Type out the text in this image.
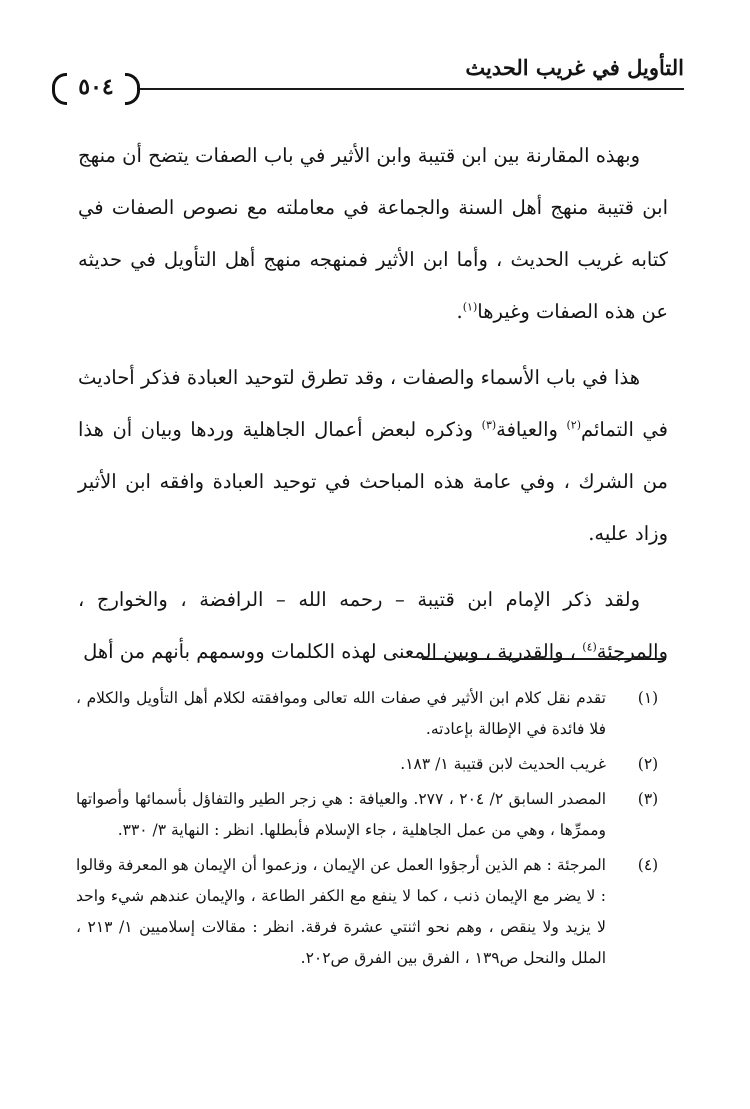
التأويل في غريب الحديث
٥٠٤

وبهذه المقارنة بين ابن قتيبة وابن الأثير في باب الصفات يتضح أن منهج ابن قتيبة منهج أهل السنة والجماعة في معاملته مع نصوص الصفات في كتابه غريب الحديث ، وأما ابن الأثير فمنهجه منهج أهل التأويل في حديثه عن هذه الصفات وغيرها$^{(١)}$.

هذا في باب الأسماء والصفات ، وقد تطرق لتوحيد العبادة فذكر أحاديث في التمائم$^{(٢)}$ والعيافة$^{(٣)}$ وذكره لبعض أعمال الجاهلية وردها وبيان أن هذا من الشرك ، وفي عامة هذه المباحث في توحيد العبادة وافقه ابن الأثير وزاد عليه.

ولقد ذكر الإمام ابن قتيبة – رحمه الله – الرافضة ، والخوارج ، والمرجئة$^{(٤)}$ ، والقدرية ، وبين المعنى لهذه الكلمات ووسمهم بأنهم من أهل

(١)
تقدم نقل كلام ابن الأثير في صفات الله تعالى وموافقته لكلام أهل التأويل والكلام ، فلا فائدة في الإطالة بإعادته.
(٢)
غريب الحديث لابن قتيبة ١/ ١٨٣.
(٣)
المصدر السابق ٢/ ٢٠٤ ، ٢٧٧. والعيافة : هي زجر الطير والتفاؤل بأسمائها وأصواتها وممرِّها ، وهي من عمل الجاهلية ، جاء الإسلام فأبطلها. انظر : النهاية ٣/ ٣٣٠.
(٤)
المرجئة : هم الذين أرجؤوا العمل عن الإيمان ، وزعموا أن الإيمان هو المعرفة وقالوا : لا يضر مع الإيمان ذنب ، كما لا ينفع مع الكفر الطاعة ، والإيمان عندهم شيء واحد لا يزيد ولا ينقص ، وهم نحو اثنتي عشرة فرقة. انظر : مقالات إسلاميين ١/ ٢١٣ ، الملل والنحل ص١٣٩ ، الفرق بين الفرق ص٢٠٢.
